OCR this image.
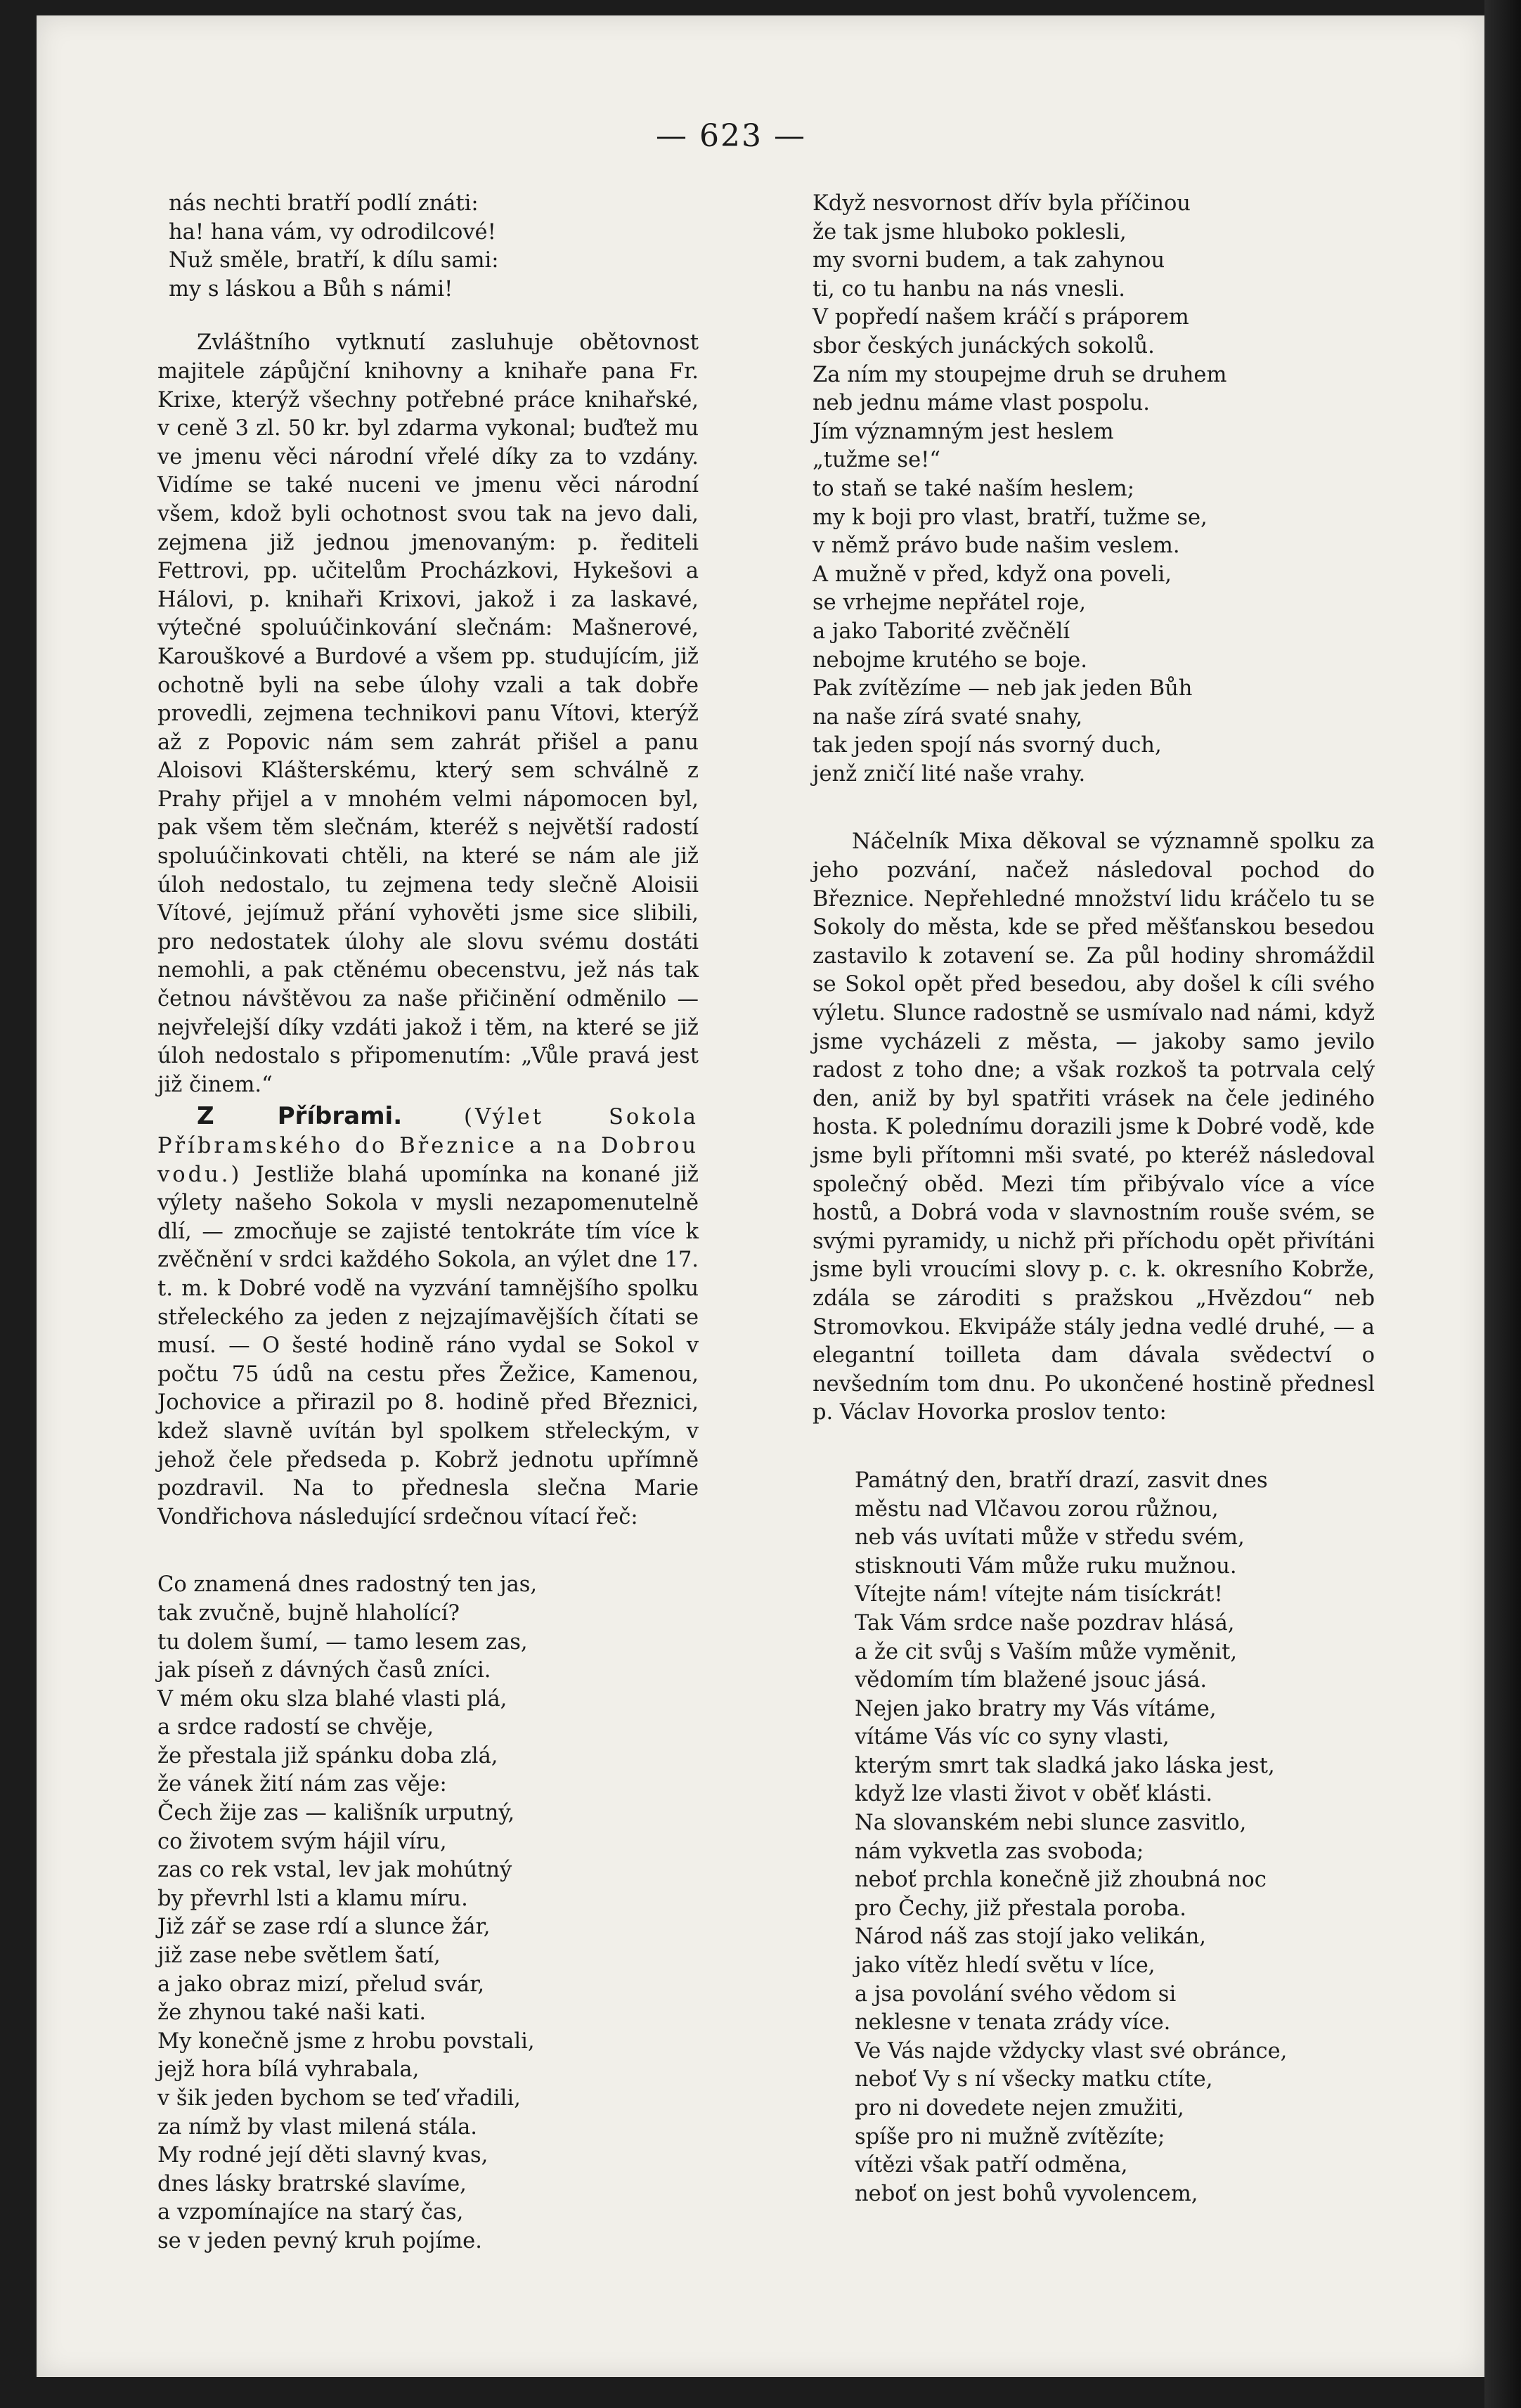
— 623 —

nás nechti bratří podlí znáti:

ha! hana vám, vy odrodilcové!

Nuž směle, bratří, k dílu sami:

my s láskou a Bůh s námi!

Zvláštního vytknutí zasluhuje obětovnost majitele zápůjční knihovny a knihaře pana Fr. Krixe, kterýž všechny potřebné práce knihařské, v ceně 3 zl. 50 kr. byl zdarma vykonal; buďtež mu ve jmenu věci národní vřelé díky za to vzdány. Vidíme se také nuceni ve jmenu věci národní všem, kdož byli ochotnost svou tak na jevo dali, zejmena již jednou jmenovaným: p. řediteli Fettrovi, pp. učitelům Procházkovi, Hykešovi a Hálovi, p. knihaři Krixovi, jakož i za laskavé, výtečné spoluúčinkování slečnám: Mašnerové, Karouškové a Burdové a všem pp. studujícím, již ochotně byli na sebe úlohy vzali a tak dobře provedli, zejmena technikovi panu Vítovi, kterýž až z Popovic nám sem zahrát přišel a panu Aloisovi Klášterskému, který sem schválně z Prahy přijel a v mnohém velmi nápomocen byl, pak všem těm slečnám, kteréž s největší radostí spoluúčinkovati chtěli, na které se nám ale již úloh nedostalo, tu zejmena tedy slečně Aloisii Vítové, jejímuž přání vyhověti jsme sice slibili, pro nedostatek úlohy ale slovu svému dostáti nemohli, a pak ctěnému obecenstvu, jež nás tak četnou návštěvou za naše přičinění odměnilo — nejvřelejší díky vzdáti jakož i těm, na které se již úloh nedostalo s připomenutím: „Vůle pravá jest již činem.“

Z Příbrami.	(Výlet Sokola Příbramského do Březnice a na Dobrou vodu.) Jestliže blahá upomínka na konané již výlety našeho Sokola v mysli nezapomenutelně dlí, — zmocňuje se zajisté tentokráte tím více k zvěčnění v srdci každého Sokola, an výlet dne 17. t. m. k Dobré vodě na vyzvání tamnějšího spolku střeleckého za jeden z nejzajímavějších čítati se musí. — O šesté hodině ráno vydal se Sokol v počtu 75 údů na cestu přes Žežice, Kamenou, Jochovice a přirazil po 8. hodině před Březnici, kdež slavně uvítán byl spolkem střeleckým, v jehož čele předseda p. Kobrž jednotu upřímně pozdravil. Na to přednesla slečna Marie Vondřichova následující srdečnou vítací řeč:

Co znamená dnes radostný ten jas,

tak zvučně, bujně hlaholící?

tu dolem šumí, — tamo lesem zas,

jak píseň z dávných časů zníci.

V mém oku slza blahé vlasti plá,

a srdce radostí se chvěje,

že přestala již spánku doba zlá,

že vánek žití nám zas věje:

Čech žije zas — kališník urputný,

co životem svým hájil víru,

zas co rek vstal, lev jak mohútný

by převrhl lsti a klamu míru.

Již zář se zase rdí a slunce žár,

již zase nebe světlem šatí,

a jako obraz mizí, přelud svár,

že zhynou také naši kati.

My konečně jsme z hrobu povstali,

jejž hora bílá vyhrabala,

v šik jeden bychom se teď vřadili,

za nímž by vlast milená stála.

My rodné její děti slavný kvas,

dnes lásky bratrské slavíme,

a vzpomínajíce na starý čas,

se v jeden pevný kruh pojíme.

Když nesvornost dřív byla příčinou

že tak jsme hluboko poklesli,

my svorni budem, a tak zahynou

ti, co tu hanbu na nás vnesli.

V popředí našem kráčí s práporem

sbor českých junáckých sokolů.

Za ním my stoupejme druh se druhem

neb jednu máme vlast pospolu.

Jím významným jest heslem

„tužme se!“

to staň se také naším heslem;

my k boji pro vlast, bratří, tužme se,

v němž právo bude našim veslem.

A mužně v před, když ona poveli,

se vrhejme nepřátel roje,

a jako Taborité zvěčnělí

nebojme krutého se boje.

Pak zvítězíme — neb jak jeden Bůh

na naše zírá svaté snahy,

tak jeden spojí nás svorný duch,

jenž zničí lité naše vrahy.

Náčelník Mixa děkoval se významně spolku za jeho pozvání, načež následoval pochod do Březnice. Nepřehledné množství lidu kráčelo tu se Sokoly do města, kde se před měšťanskou besedou zastavilo k zotavení se. Za půl hodiny shromáždil se Sokol opět před besedou, aby došel k cíli svého výletu. Slunce radostně se usmívalo nad námi, když jsme vycházeli z města, — jakoby samo jevilo radost z toho dne; a však rozkoš ta potrvala celý den, aniž by byl spatřiti vrásek na čele jediného hosta. K polednímu dorazili jsme k Dobré vodě, kde jsme byli přítomni mši svaté, po kteréž následoval společný oběd. Mezi tím přibývalo více a více hostů, a Dobrá voda v slavnostním rouše svém, se svými pyramidy, u nichž při příchodu opět přivítáni jsme byli vroucími slovy p. c. k. okresního Kobrže, zdála se zároditi s pražskou „Hvězdou“ neb Stromovkou. Ekvipáže stály jedna vedlé druhé, — a elegantní toilleta dam dávala svědectví o nevšedním tom dnu. Po ukončené hostině přednesl p. Václav Hovorka proslov tento:

Památný den, bratří drazí, zasvit dnes

městu nad Vlčavou zorou růžnou,

neb vás uvítati může v středu svém,

stisknouti Vám může ruku mužnou.

Vítejte nám! vítejte nám tisíckrát!

Tak Vám srdce naše pozdrav hlásá,

a že cit svůj s Vaším může vyměnit,

vědomím tím blažené jsouc jásá.

Nejen jako bratry my Vás vítáme,

vítáme Vás víc co syny vlasti,

kterým smrt tak sladká jako láska jest,

když lze vlasti život v oběť klásti.

Na slovanském nebi slunce zasvitlo,

nám vykvetla zas svoboda;

neboť prchla konečně již zhoubná noc

pro Čechy, již přestala poroba.

Národ náš zas stojí jako velikán,

jako vítěz hledí světu v líce,

a jsa povolání svého vědom si

neklesne v tenata zrády více.

Ve Vás najde vždycky vlast své obránce,

neboť Vy s ní všecky matku ctíte,

pro ni dovedete nejen zmužiti,

spíše pro ni mužně zvítězíte;

vítězi však patří odměna,

neboť on jest bohů vyvolencem,
